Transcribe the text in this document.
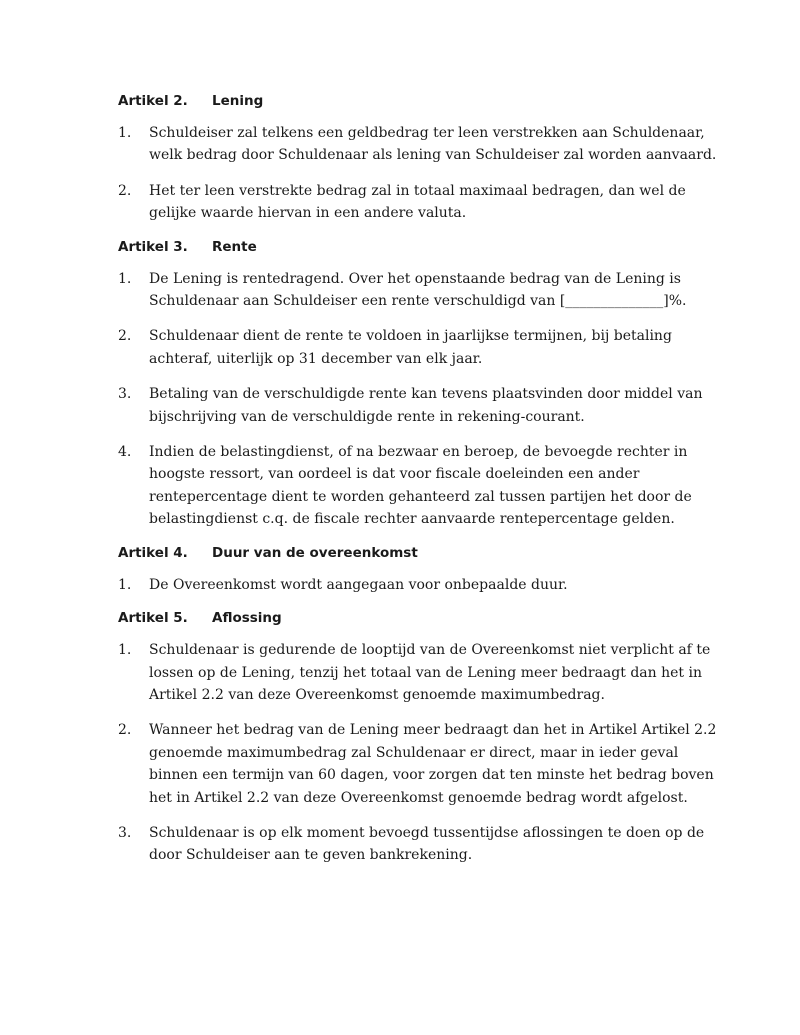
Artikel 2.	Lening
1.	Schuldeiser zal telkens een geldbedrag ter leen verstrekken aan Schuldenaar,
welk bedrag door Schuldenaar als lening van Schuldeiser zal worden aanvaard.
2.	Het ter leen verstrekte bedrag zal in totaal maximaal bedragen, dan wel de
gelijke waarde hiervan in een andere valuta.
Artikel 3.	Rente
1.	De Lening is rentedragend. Over het openstaande bedrag van de Lening is
Schuldenaar aan Schuldeiser een rente verschuldigd van [______________]%.
2.	Schuldenaar dient de rente te voldoen in jaarlijkse termijnen, bij betaling
achteraf, uiterlijk op 31 december van elk jaar.
3.	Betaling van de verschuldigde rente kan tevens plaatsvinden door middel van
bijschrijving van de verschuldigde rente in rekening-courant.
4.	Indien de belastingdienst, of na bezwaar en beroep, de bevoegde rechter in
hoogste ressort, van oordeel is dat voor fiscale doeleinden een ander
rentepercentage dient te worden gehanteerd zal tussen partijen het door de
belastingdienst c.q. de fiscale rechter aanvaarde rentepercentage gelden.
Artikel 4.	Duur van de overeenkomst
1.	De Overeenkomst wordt aangegaan voor onbepaalde duur.
Artikel 5.	Aflossing
1.	Schuldenaar is gedurende de looptijd van de Overeenkomst niet verplicht af te
lossen op de Lening, tenzij het totaal van de Lening meer bedraagt dan het in
Artikel 2.2 van deze Overeenkomst genoemde maximumbedrag.
2.	Wanneer het bedrag van de Lening meer bedraagt dan het in Artikel Artikel 2.2
genoemde maximumbedrag zal Schuldenaar er direct, maar in ieder geval
binnen een termijn van 60 dagen, voor zorgen dat ten minste het bedrag boven
het in Artikel 2.2 van deze Overeenkomst genoemde bedrag wordt afgelost.
3.	Schuldenaar is op elk moment bevoegd tussentijdse aflossingen te doen op de
door Schuldeiser aan te geven bankrekening.
